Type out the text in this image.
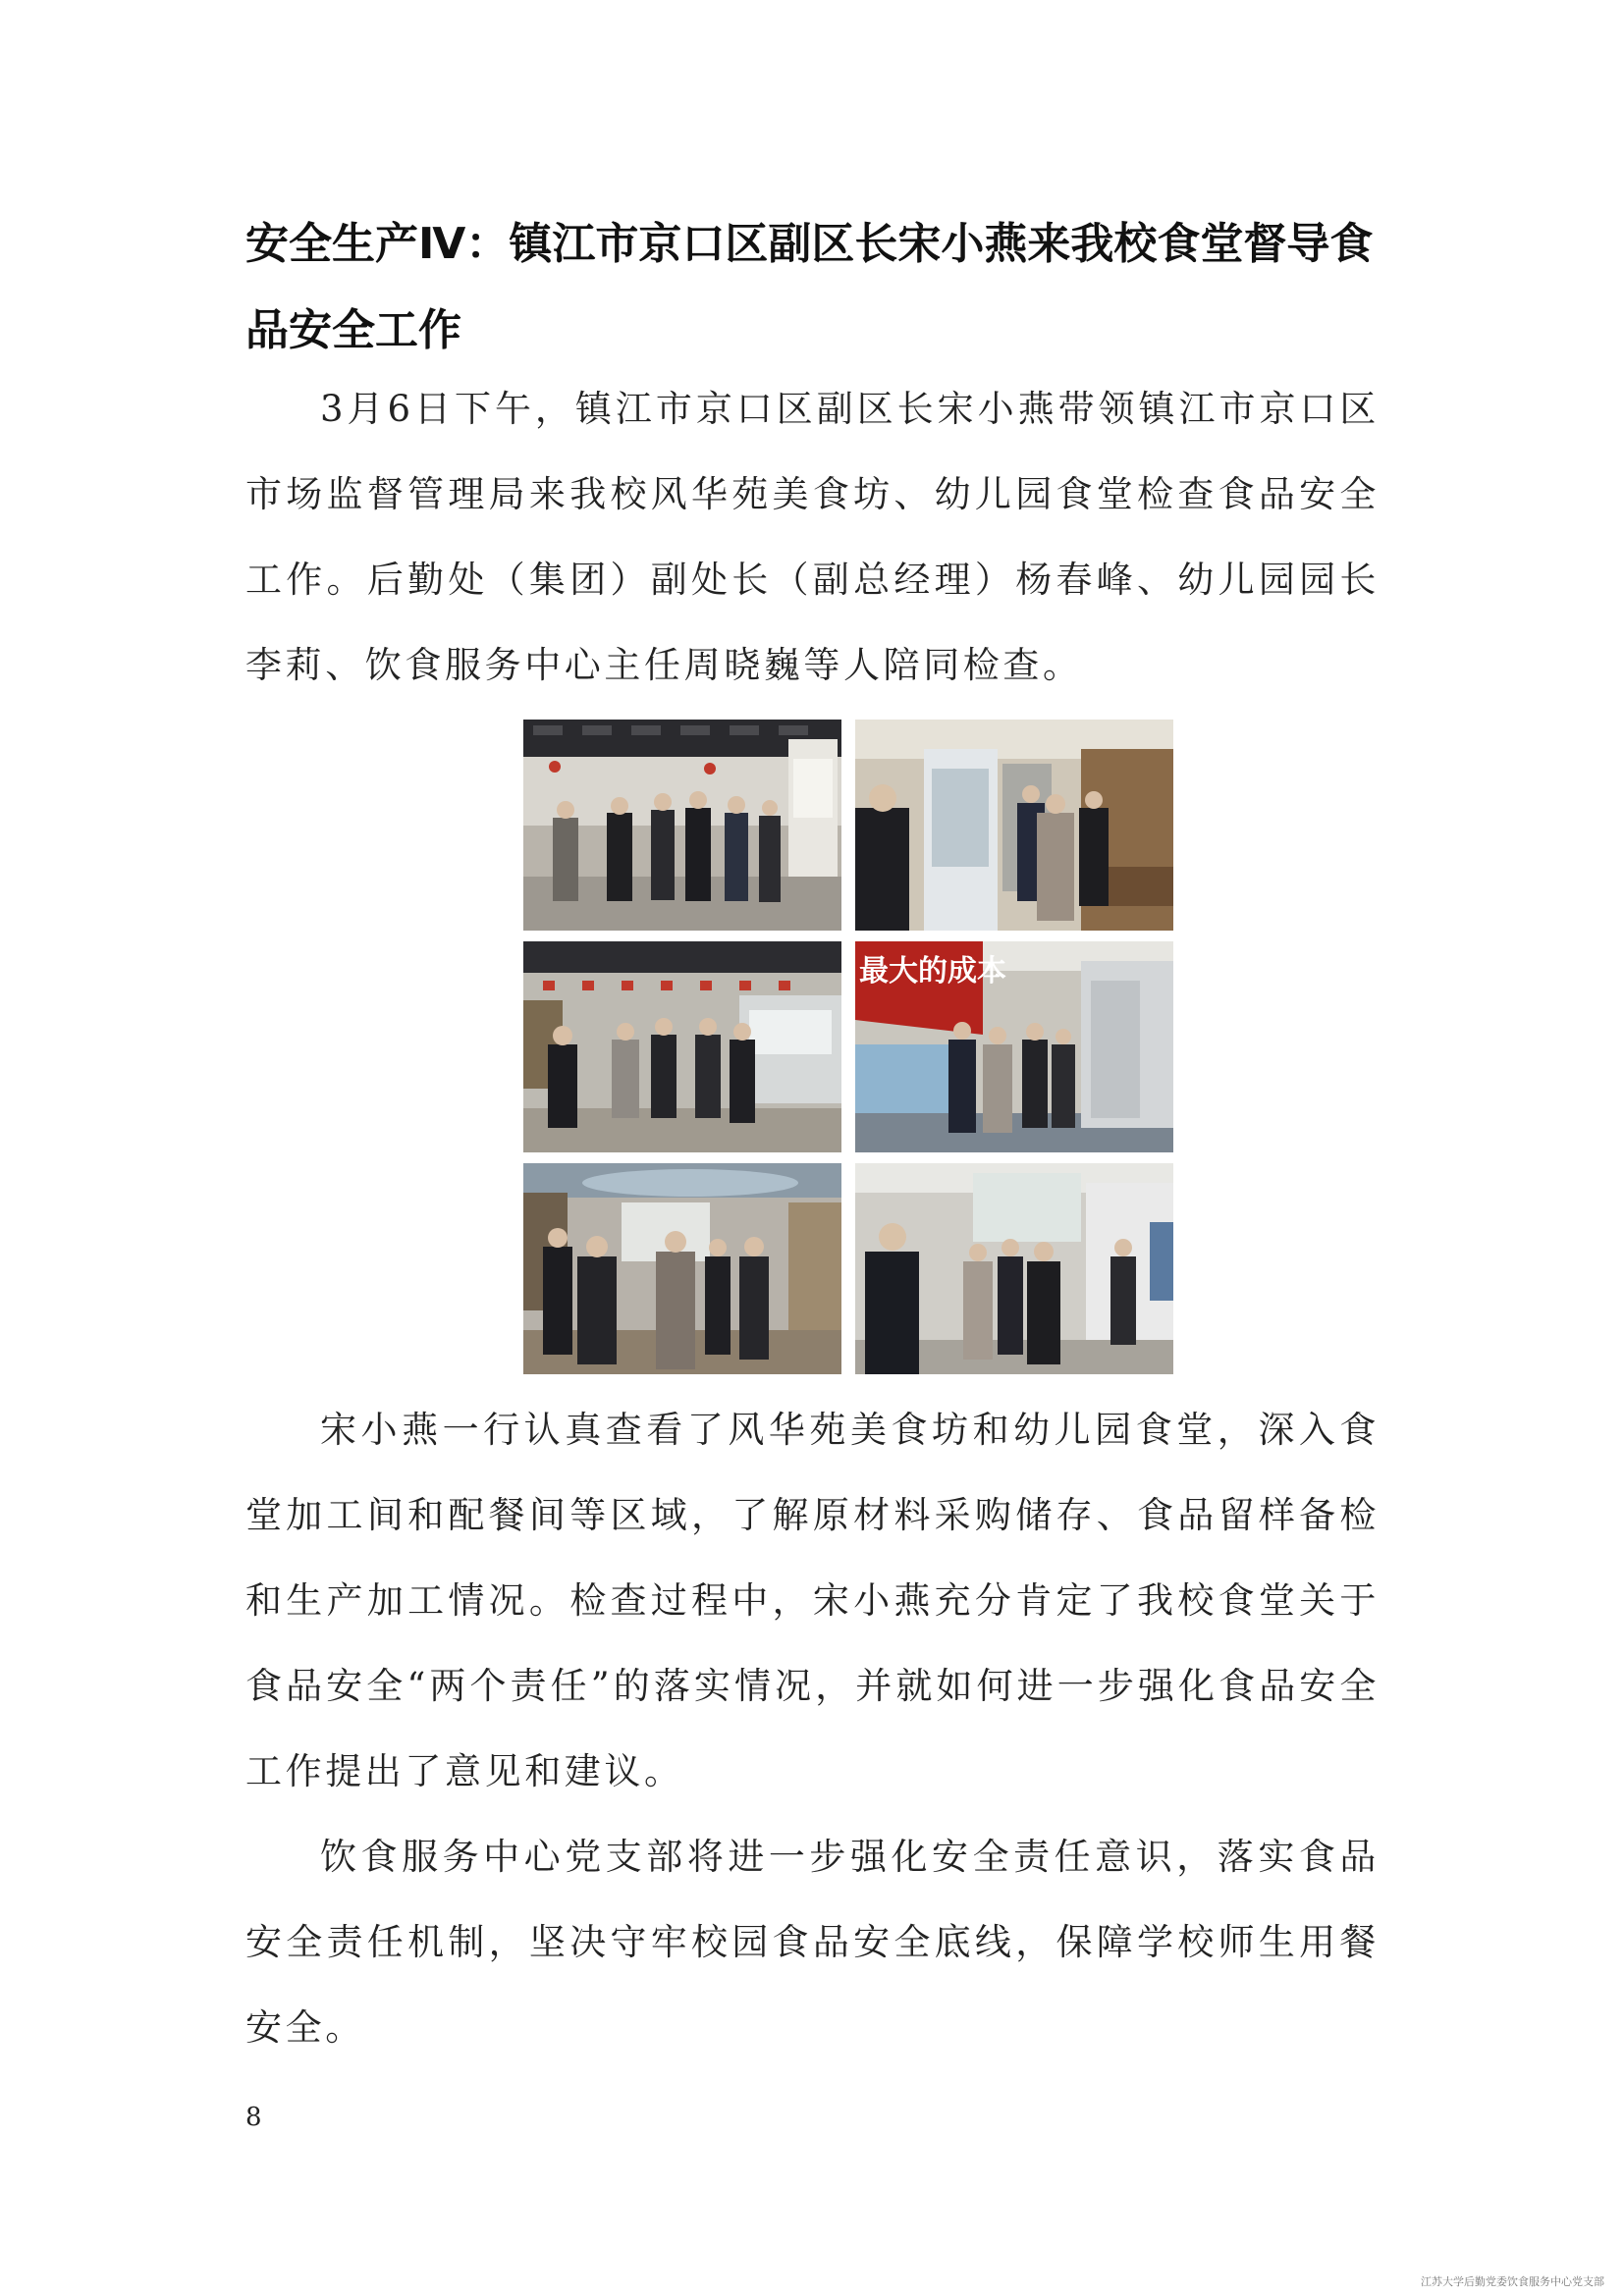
安全生产Ⅳ：镇江市京口区副区长宋小燕来我校食堂督导食品安全工作

3月6日下午，镇江市京口区副区长宋小燕带领镇江市京口区市场监督管理局来我校风华苑美食坊、幼儿园食堂检查食品安全工作。后勤处（集团）副处长（副总经理）杨春峰、幼儿园园长李莉、饮食服务中心主任周晓巍等人陪同检查。

最大的成本

宋小燕一行认真查看了风华苑美食坊和幼儿园食堂，深入食堂加工间和配餐间等区域，了解原材料采购储存、食品留样备检和生产加工情况。检查过程中，宋小燕充分肯定了我校食堂关于食品安全“两个责任”的落实情况，并就如何进一步强化食品安全工作提出了意见和建议。

饮食服务中心党支部将进一步强化安全责任意识，落实食品安全责任机制，坚决守牢校园食品安全底线，保障学校师生用餐安全。

8
江苏大学后勤党委饮食服务中心党支部
